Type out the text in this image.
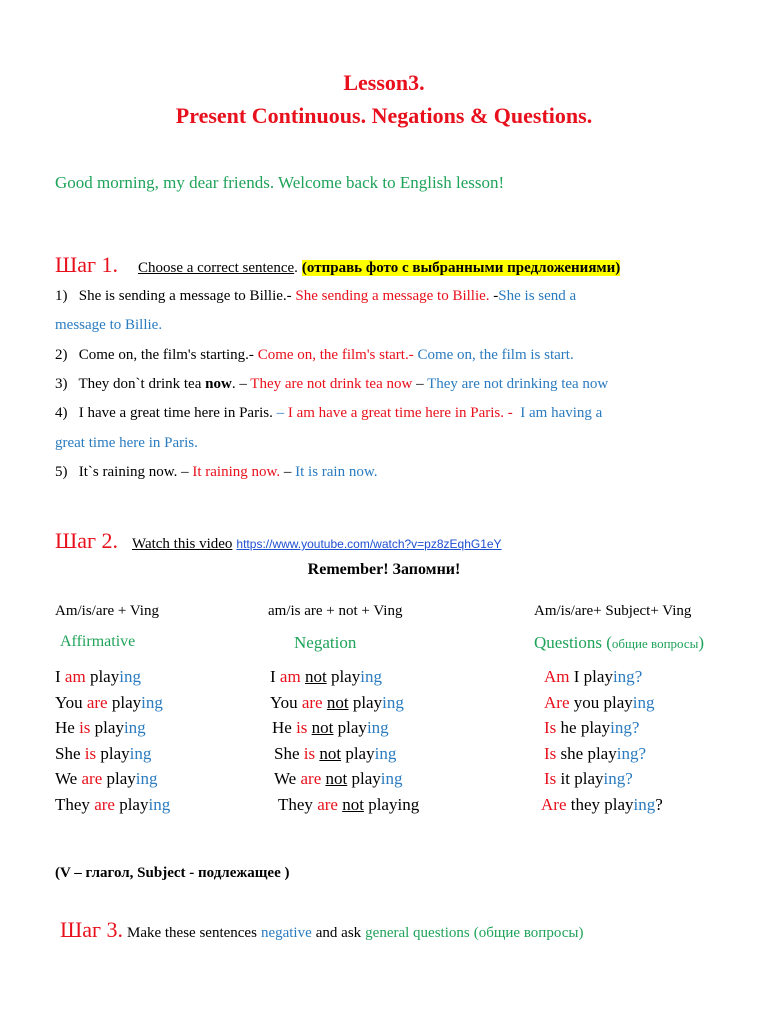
Lesson3.
Present Continuous. Negations & Questions.
Good morning, my dear friends. Welcome back to English lesson!
Шаг 1. Choose a correct sentence. (отправь фото с выбранными предложениями)
1) She is sending a message to Billie.- She sending a message to Billie. -She is send a
message to Billie.
2) Come on, the film's starting.- Come on, the film's start.- Come on, the film is start.
3) They don`t drink tea now. – They are not drink tea now – They are not drinking tea now
4) I have a great time here in Paris. – I am have a great time here in Paris. - I am having a
great time here in Paris.
5) It`s raining now. – It raining now. – It is rain now.
Шаг 2. Watch this video https://www.youtube.com/watch?v=pz8zEqhG1eY
Remember! Запомни!
Am/is/are + Ving	am/is are + not + Ving	Am/is/are+ Subject+ Ving
Affirmative	Negation	Questions (общие вопросы)
I am playing	I am not playing	Am I playing?
You are playing	You are not playing	Are you playing
He is playing	He is not playing	Is he playing?
She is playing	She is not playing	Is she playing?
We are playing	We are not playing	Is it playing?
They are playing	They are not playing	Are they playing?
(V – глагол, Subject - подлежащее )
Шаг 3. Make these sentences negative and ask general questions (общие вопросы)
